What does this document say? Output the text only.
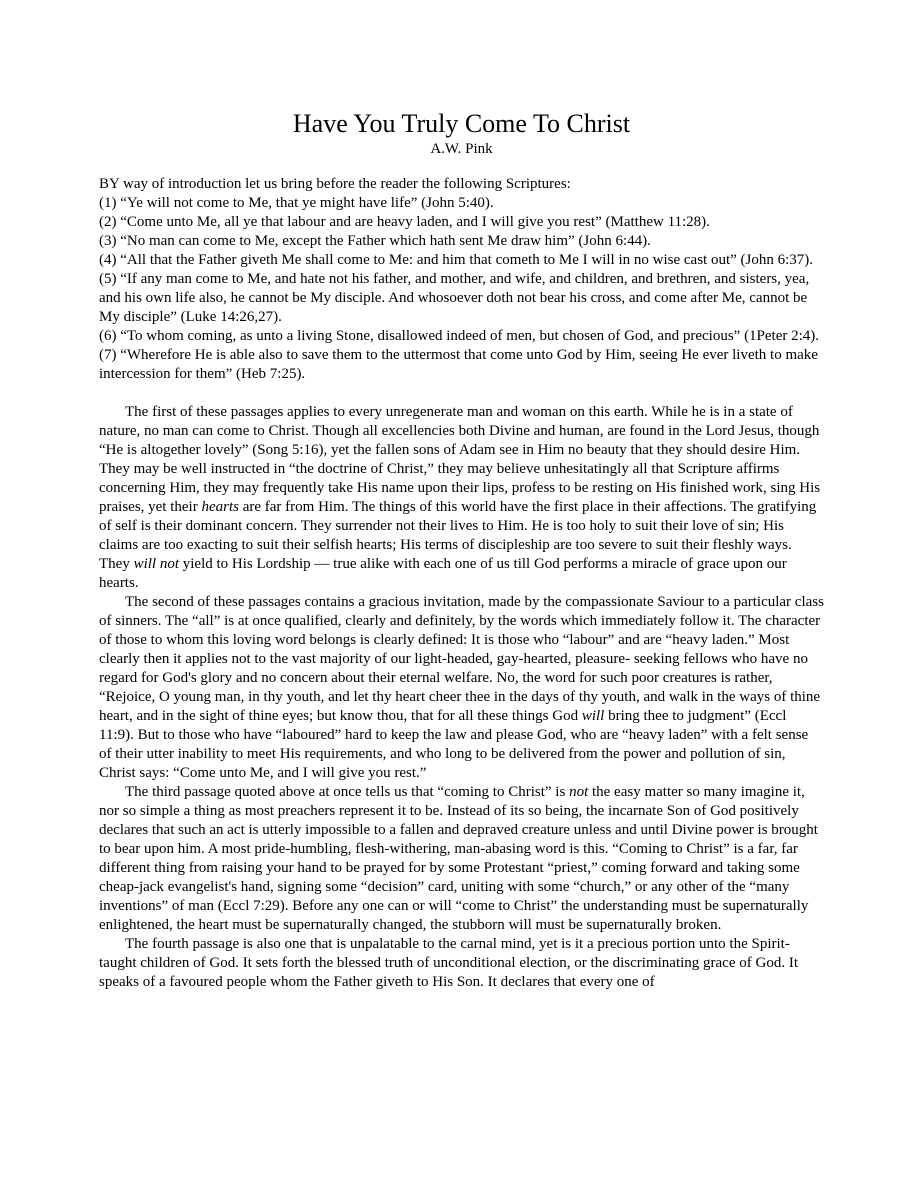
Have You Truly Come To Christ
A.W. Pink

BY way of introduction let us bring before the reader the following Scriptures:

(1) “Ye will not come to Me, that ye might have life” (John 5:40).

(2) “Come unto Me, all ye that labour and are heavy laden, and I will give you rest” (Matthew 11:28).

(3) “No man can come to Me, except the Father which hath sent Me draw him” (John 6:44).

(4) “All that the Father giveth Me shall come to Me: and him that cometh to Me I will in no wise cast out” (John 6:37).

(5) “If any man come to Me, and hate not his father, and mother, and wife, and children, and brethren, and sisters, yea, and his own life also, he cannot be My disciple. And whosoever doth not bear his cross, and come after Me, cannot be My disciple” (Luke 14:26,27).

(6) “To whom coming, as unto a living Stone, disallowed indeed of men, but chosen of God, and precious” (1Peter 2:4).

(7) “Wherefore He is able also to save them to the uttermost that come unto God by Him, seeing He ever liveth to make intercession for them” (Heb 7:25).

The first of these passages applies to every unregenerate man and woman on this earth. While he is in a state of nature, no man can come to Christ. Though all excellencies both Divine and human, are found in the Lord Jesus, though “He is altogether lovely” (Song 5:16), yet the fallen sons of Adam see in Him no beauty that they should desire Him. They may be well instructed in “the doctrine of Christ,” they may believe unhesitatingly all that Scripture affirms concerning Him, they may frequently take His name upon their lips, profess to be resting on His finished work, sing His praises, yet their hearts are far from Him. The things of this world have the first place in their affections. The gratifying of self is their dominant concern. They surrender not their lives to Him. He is too holy to suit their love of sin; His claims are too exacting to suit their selfish hearts; His terms of discipleship are too severe to suit their fleshly ways. They will not yield to His Lordship — true alike with each one of us till God performs a miracle of grace upon our hearts.

The second of these passages contains a gracious invitation, made by the compassionate Saviour to a particular class of sinners. The “all” is at once qualified, clearly and definitely, by the words which immediately follow it. The character of those to whom this loving word belongs is clearly defined: It is those who “labour” and are “heavy laden.” Most clearly then it applies not to the vast majority of our light-headed, gay-hearted, pleasure- seeking fellows who have no regard for God's glory and no concern about their eternal welfare. No, the word for such poor creatures is rather, “Rejoice, O young man, in thy youth, and let thy heart cheer thee in the days of thy youth, and walk in the ways of thine heart, and in the sight of thine eyes; but know thou, that for all these things God will bring thee to judgment” (Eccl 11:9). But to those who have “laboured” hard to keep the law and please God, who are “heavy laden” with a felt sense of their utter inability to meet His requirements, and who long to be delivered from the power and pollution of sin, Christ says: “Come unto Me, and I will give you rest.”

The third passage quoted above at once tells us that “coming to Christ” is not the easy matter so many imagine it, nor so simple a thing as most preachers represent it to be. Instead of its so being, the incarnate Son of God positively declares that such an act is utterly impossible to a fallen and depraved creature unless and until Divine power is brought to bear upon him. A most pride-humbling, flesh-withering, man-abasing word is this. “Coming to Christ” is a far, far different thing from raising your hand to be prayed for by some Protestant “priest,” coming forward and taking some cheap-jack evangelist's hand, signing some “decision” card, uniting with some “church,” or any other of the “many inventions” of man (Eccl 7:29). Before any one can or will “come to Christ” the understanding must be supernaturally enlightened, the heart must be supernaturally changed, the stubborn will must be supernaturally broken.

The fourth passage is also one that is unpalatable to the carnal mind, yet is it a precious portion unto the Spirit-taught children of God. It sets forth the blessed truth of unconditional election, or the discriminating grace of God. It speaks of a favoured people whom the Father giveth to His Son. It declares that every one of
